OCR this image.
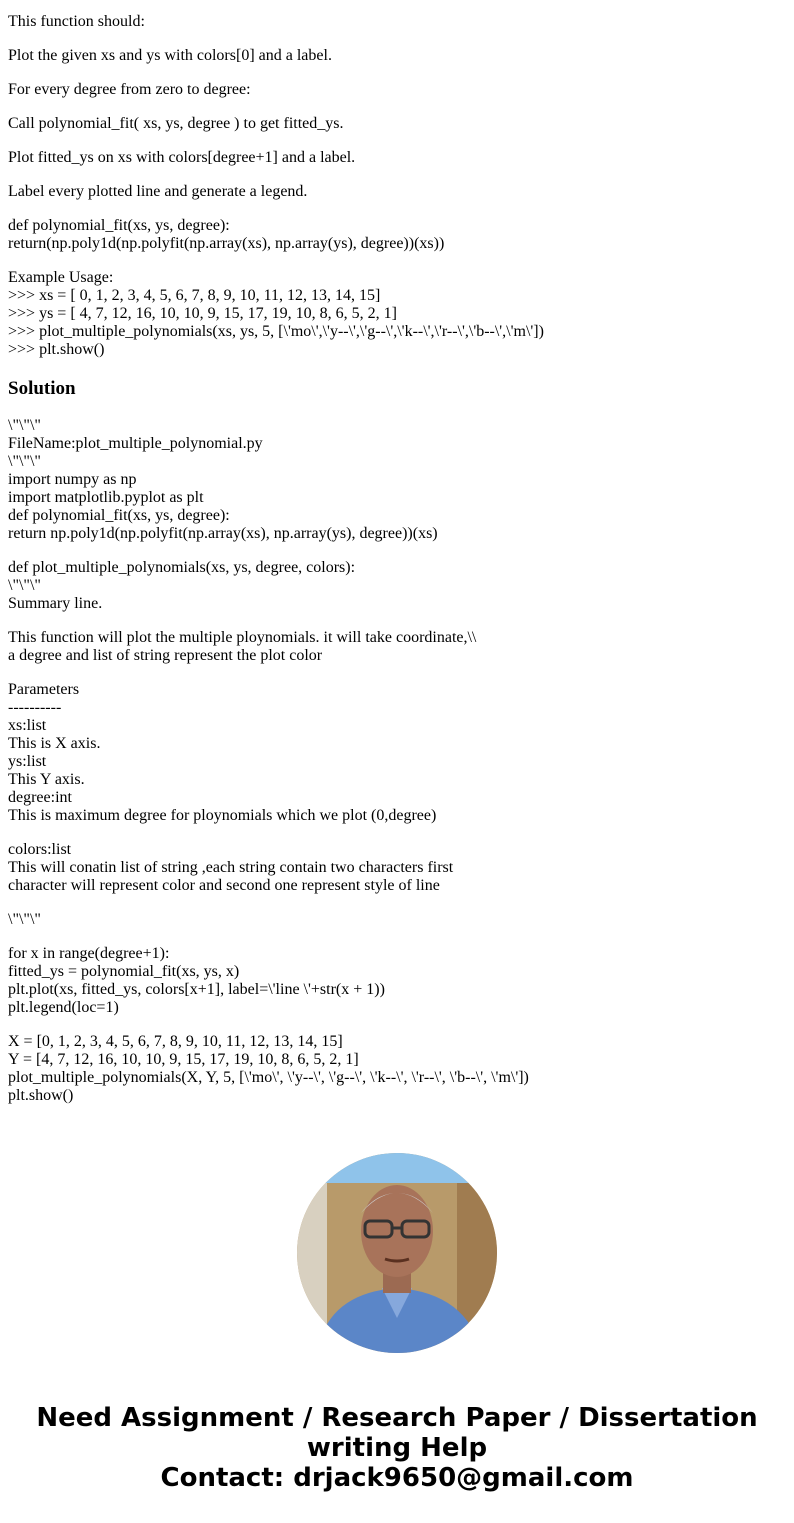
This function should:

Plot the given xs and ys with colors[0] and a label.

For every degree from zero to degree:

Call polynomial_fit( xs, ys, degree ) to get fitted_ys.

Plot fitted_ys on xs with colors[degree+1] and a label.

Label every plotted line and generate a legend.

def polynomial_fit(xs, ys, degree):
return(np.poly1d(np.polyfit(np.array(xs), np.array(ys), degree))(xs))

Example Usage:
>>> xs = [ 0, 1, 2, 3, 4, 5, 6, 7, 8, 9, 10, 11, 12, 13, 14, 15]
>>> ys = [ 4, 7, 12, 16, 10, 10, 9, 15, 17, 19, 10, 8, 6, 5, 2, 1]
>>> plot_multiple_polynomials(xs, ys, 5, [\'mo\',\'y--\',\'g--\',\'k--\',\'r--\',\'b--\',\'m\'])
>>> plt.show()

Solution

\"\"\"
FileName:plot_multiple_polynomial.py
\"\"\"
import numpy as np
import matplotlib.pyplot as plt
def polynomial_fit(xs, ys, degree):
return np.poly1d(np.polyfit(np.array(xs), np.array(ys), degree))(xs)

def plot_multiple_polynomials(xs, ys, degree, colors):
\"\"\"
Summary line.

This function will plot the multiple ploynomials. it will take coordinate,\\
a degree and list of string represent the plot color

Parameters
----------
xs:list
This is X axis.
ys:list
This Y axis.
degree:int
This is maximum degree for ploynomials which we plot (0,degree)

colors:list
This will conatin list of string ,each string contain two characters first
character will represent color and second one represent style of line

\"\"\"

for x in range(degree+1):
fitted_ys = polynomial_fit(xs, ys, x)
plt.plot(xs, fitted_ys, colors[x+1], label=\'line \'+str(x + 1))
plt.legend(loc=1)

X = [0, 1, 2, 3, 4, 5, 6, 7, 8, 9, 10, 11, 12, 13, 14, 15]
Y = [4, 7, 12, 16, 10, 10, 9, 15, 17, 19, 10, 8, 6, 5, 2, 1]
plot_multiple_polynomials(X, Y, 5, [\'mo\', \'y--\', \'g--\', \'k--\', \'r--\', \'b--\', \'m\'])
plt.show()

Need Assignment / Research Paper / Dissertation
writing Help
Contact: drjack9650@gmail.com
